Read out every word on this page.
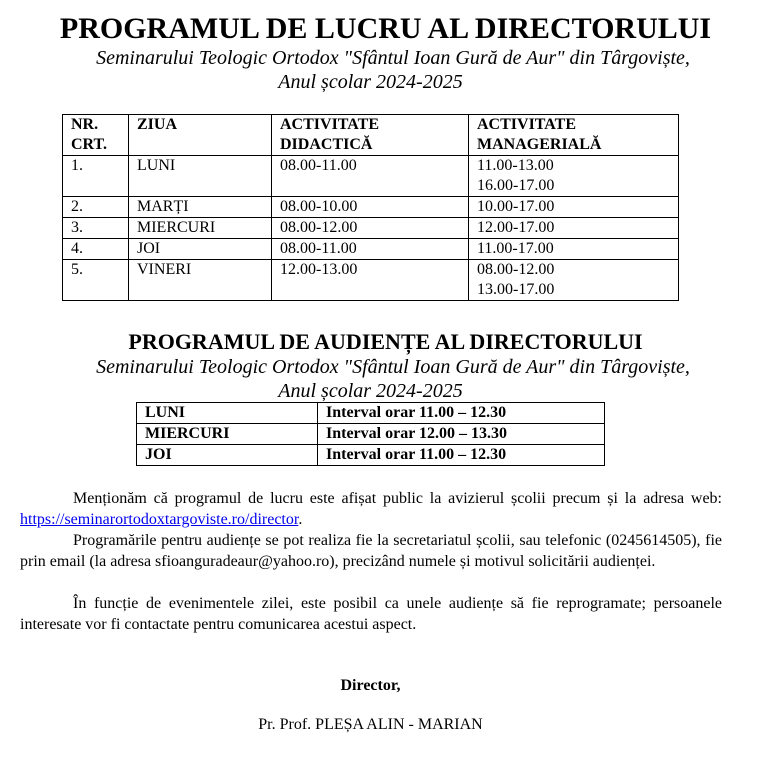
PROGRAMUL DE LUCRU AL DIRECTORULUI
Seminarului Teologic Ortodox "Sfântul Ioan Gură de Aur" din Târgoviște,
Anul școlar 2024-2025
NR. CRT.	ZIUA	ACTIVITATE DIDACTICĂ	ACTIVITATE MANAGERIALĂ
1.	LUNI	08.00-11.00	11.00-13.00
16.00-17.00

2.	MARȚI	08.00-10.00	10.00-17.00

3.	MIERCURI	08.00-12.00	12.00-17.00

4.	JOI	08.00-11.00	11.00-17.00

5.	VINERI	12.00-13.00	08.00-12.00
13.00-17.00
PROGRAMUL DE AUDIENȚE AL DIRECTORULUI
Seminarului Teologic Ortodox "Sfântul Ioan Gură de Aur" din Târgoviște,
Anul școlar 2024-2025
LUNI	Interval orar 11.00 – 12.30
MIERCURI	Interval orar 12.00 – 13.30
JOI	Interval orar 11.00 – 12.30
Menționăm că programul de lucru este afișat public la avizierul școlii precum și la adresa web: https://seminarortodoxtargoviste.ro/director.
Programările pentru audiențe se pot realiza fie la secretariatul școlii, sau telefonic (0245614505), fie prin email (la adresa sfioanguradeaur@yahoo.ro), precizând numele și motivul solicitării audienței.
În funcție de evenimentele zilei, este posibil ca unele audiențe să fie reprogramate; persoanele interesate vor fi contactate pentru comunicarea acestui aspect.
Director,
Pr. Prof. PLEȘA ALIN - MARIAN
